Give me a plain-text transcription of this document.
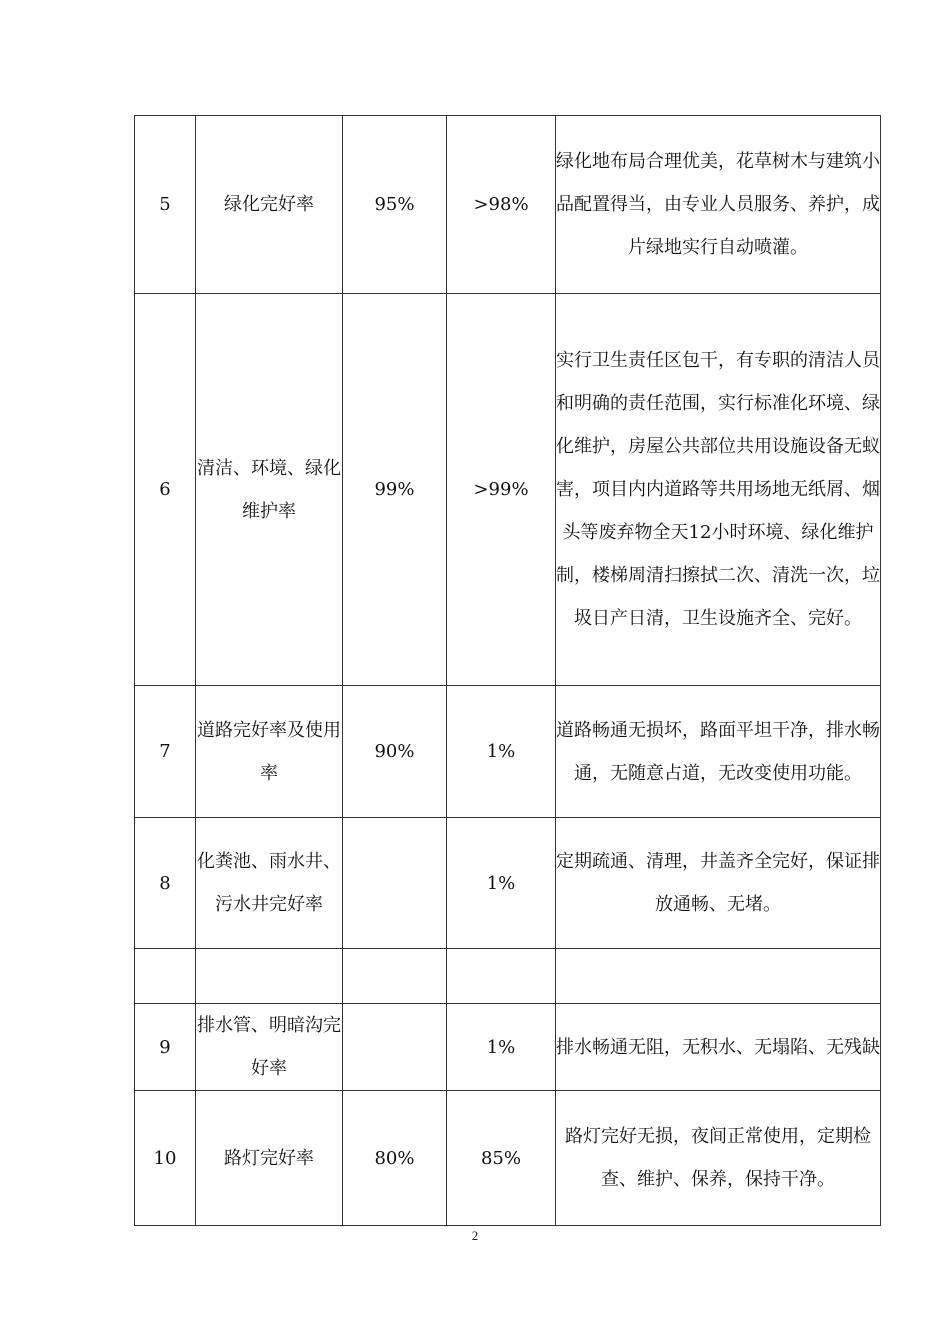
5	绿化完好率	95%	>98%	绿化地布局合理优美，花草树木与建筑小品配置得当，由专业人员服务、养护，成片绿地实行自动喷灌。

6	清洁、环境、绿化维护率	99%	>99%	实行卫生责任区包干，有专职的清洁人员和明确的责任范围，实行标准化环境、绿化维护，房屋公共部位共用设施设备无蚁害，项目内内道路等共用场地无纸屑、烟头等废弃物全天12小时环境、绿化维护制，楼梯周清扫擦拭二次、清洗一次，垃圾日产日清，卫生设施齐全、完好。

7	道路完好率及使用率	90%	1%	道路畅通无损坏，路面平坦干净，排水畅通，无随意占道，无改变使用功能。

8	化粪池、雨水井、污水井完好率		1%	定期疏通、清理，井盖齐全完好，保证排放通畅、无堵。

9	排水管、明暗沟完好率		1%	排水畅通无阻，无积水、无塌陷、无残缺

10	路灯完好率	80%	85%	路灯完好无损，夜间正常使用，定期检查、维护、保养，保持干净。
2
